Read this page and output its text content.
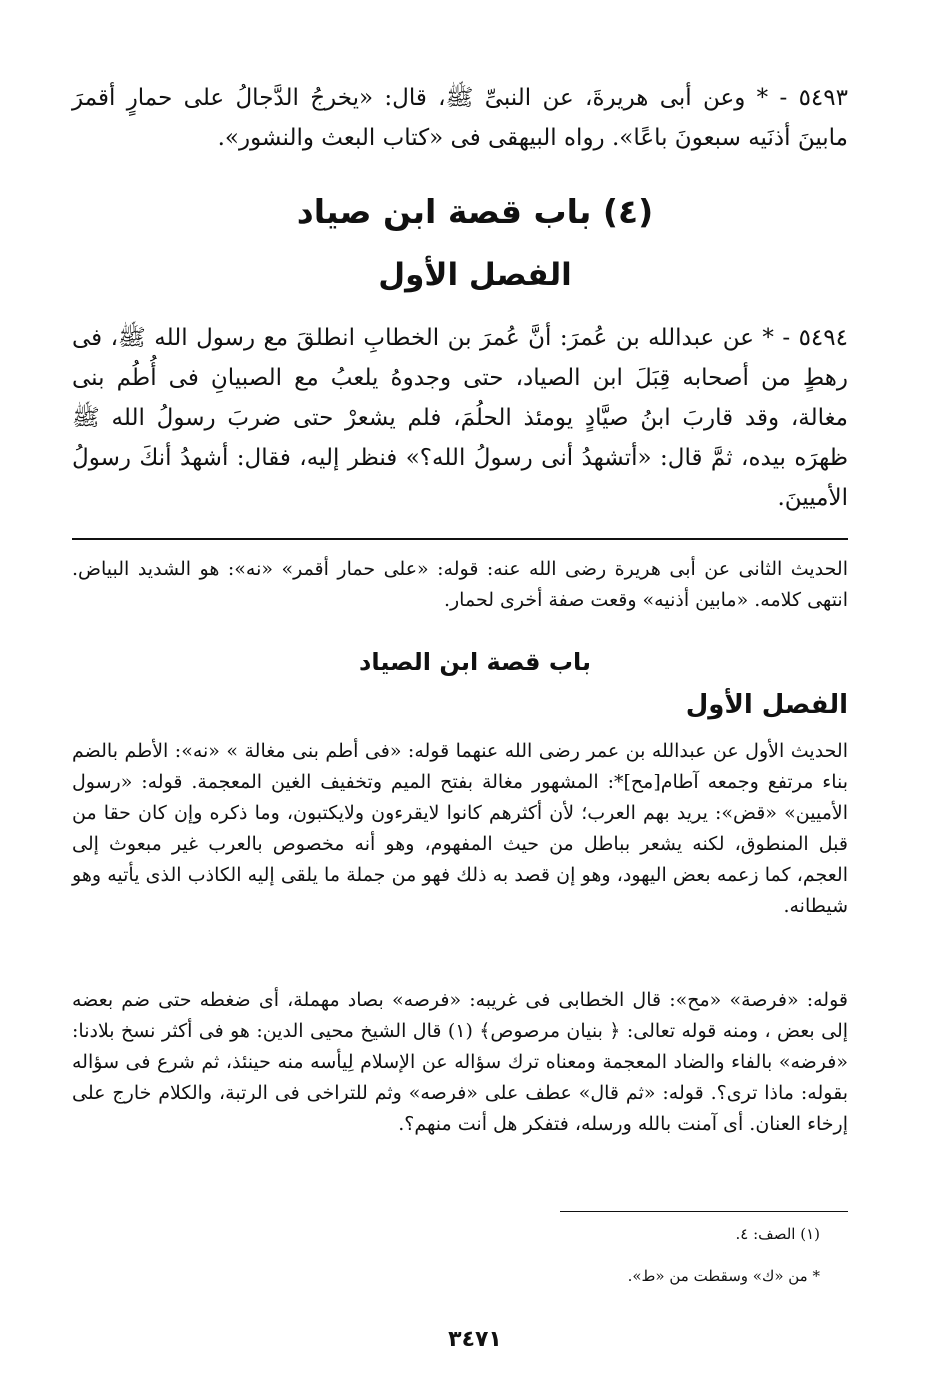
٥٤٩٣ - * وعن أبى هريرةَ، عن النبىِّ ﷺ، قال: «يخرجُ الدَّجالُ على حمارٍ أقمرَ مابينَ أذنَيه سبعونَ باعًا». رواه البيهقى فى «كتاب البعث والنشور».

(٤) باب قصة ابن صياد
الفصل الأول

٥٤٩٤ - * عن عبدالله بن عُمرَ: أنَّ عُمرَ بن الخطابِ انطلقَ مع رسول الله ﷺ، فى رهطٍ من أصحابه قِبَلَ ابن الصياد، حتى وجدوهُ يلعبُ مع الصبيانِ فى أُطُم بنى مغالة، وقد قاربَ ابنُ صيَّادٍ يومئذ الحلُمَ، فلم يشعرْ حتى ضربَ رسولُ الله ﷺ ظهرَه بيده، ثمَّ قال: «أتشهدُ أنى رسولُ الله؟» فنظر إليه، فقال: أشهدُ أنكَ رسولُ الأميينَ.

الحديث الثانى عن أبى هريرة رضى الله عنه: قوله: «على حمار أقمر» «نه»: هو الشديد البياض. انتهى كلامه. «مابين أذنيه» وقعت صفة أخرى لحمار.

باب قصة ابن الصياد
الفصل الأول

الحديث الأول عن عبدالله بن عمر رضى الله عنهما قوله: «فى أطم بنى مغالة » «نه»: الأطم بالضم بناء مرتفع وجمعه آطام[مح]*: المشهور مغالة بفتح الميم وتخفيف الغين المعجمة. قوله: «رسول الأميين» «قض»: يريد بهم العرب؛ لأن أكثرهم كانوا لايقرءون ولايكتبون، وما ذكره وإن كان حقا من قبل المنطوق، لكنه يشعر بباطل من حيث المفهوم، وهو أنه مخصوص بالعرب غير مبعوث إلى العجم، كما زعمه بعض اليهود، وهو إن قصد به ذلك فهو من جملة ما يلقى إليه الكاذب الذى يأتيه وهو شيطانه.

قوله: «فرصة» «مح»: قال الخطابى فى غريبه: «فرصه» بصاد مهملة، أى ضغطه حتى ضم بعضه إلى بعض ، ومنه قوله تعالى: ﴿ بنيان مرصوص﴾ (١) قال الشيخ محيى الدين: هو فى أكثر نسخ بلادنا: «فرضه» بالفاء والضاد المعجمة ومعناه ترك سؤاله عن الإسلام لِيأسه منه حينئذ، ثم شرع فى سؤاله بقوله: ماذا ترى؟. قوله: «ثم قال» عطف على «فرصه» وثم للتراخى فى الرتبة، والكلام خارج على إرخاء العنان. أى آمنت بالله ورسله، فتفكر هل أنت منهم؟.

(١) الصف: ٤.
* من «ك» وسقطت من «ط».
٣٤٧١
